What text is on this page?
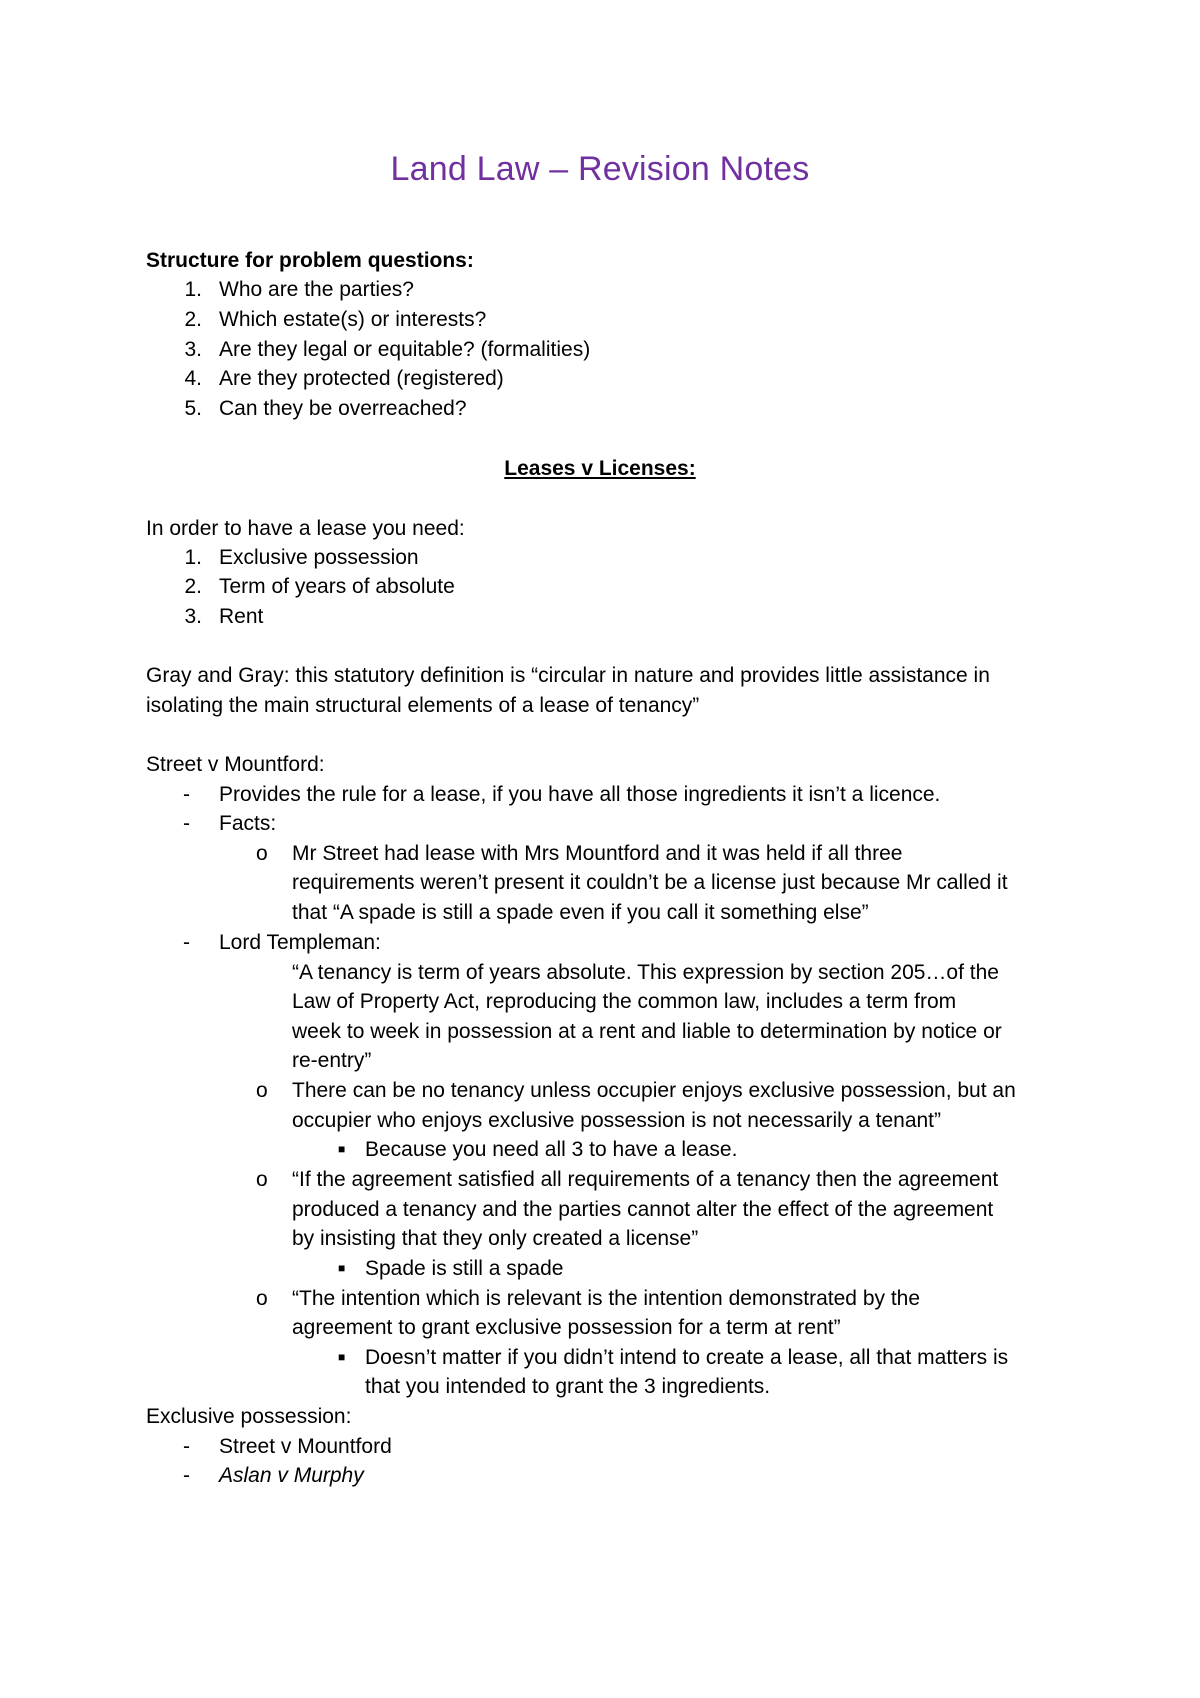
Land Law – Revision Notes
Structure for problem questions:
1. Who are the parties?
2. Which estate(s) or interests?
3. Are they legal or equitable? (formalities)
4. Are they protected (registered)
5. Can they be overreached?
Leases v Licenses:
In order to have a lease you need:
1. Exclusive possession
2. Term of years of absolute
3. Rent
Gray and Gray: this statutory definition is “circular in nature and provides little assistance in
isolating the main structural elements of a lease of tenancy”
Street v Mountford:
- Provides the rule for a lease, if you have all those ingredients it isn’t a licence.
- Facts:
o Mr Street had lease with Mrs Mountford and it was held if all three
requirements weren’t present it couldn’t be a license just because Mr called it
that “A spade is still a spade even if you call it something else”
- Lord Templeman:
“A tenancy is term of years absolute. This expression by section 205…of the
Law of Property Act, reproducing the common law, includes a term from
week to week in possession at a rent and liable to determination by notice or
re-entry”
o There can be no tenancy unless occupier enjoys exclusive possession, but an
occupier who enjoys exclusive possession is not necessarily a tenant”
■ Because you need all 3 to have a lease.
o “If the agreement satisfied all requirements of a tenancy then the agreement
produced a tenancy and the parties cannot alter the effect of the agreement
by insisting that they only created a license”
■ Spade is still a spade
o “The intention which is relevant is the intention demonstrated by the
agreement to grant exclusive possession for a term at rent”
■ Doesn’t matter if you didn’t intend to create a lease, all that matters is
that you intended to grant the 3 ingredients.
Exclusive possession:
- Street v Mountford
- Aslan v Murphy
